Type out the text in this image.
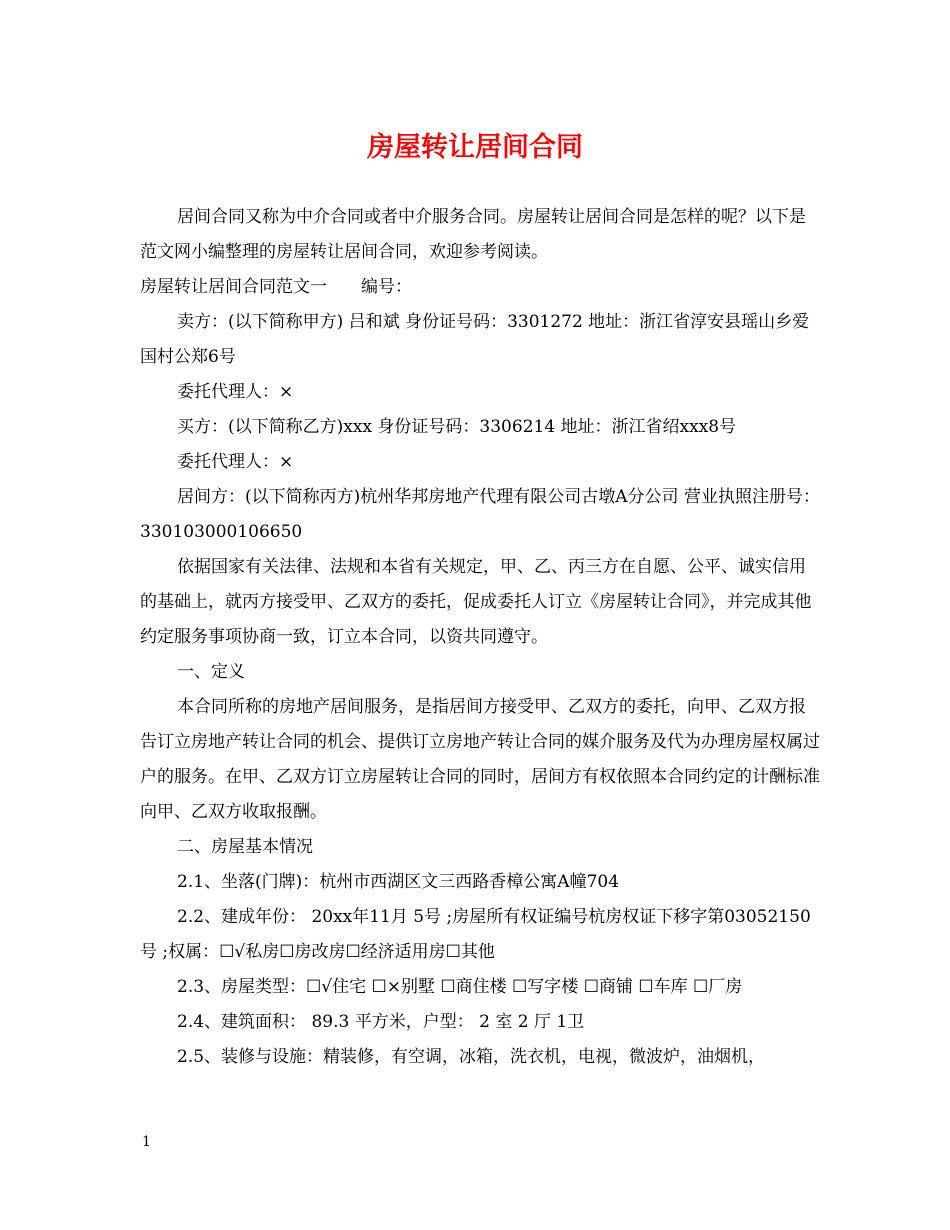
房屋转让居间合同

居间合同又称为中介合同或者中介服务合同。房屋转让居间合同是怎样的呢？以下是范文网小编整理的房屋转让居间合同，欢迎参考阅读。

房屋转让居间合同范文一　　编号：

卖方：(以下简称甲方) 吕和斌 身份证号码：3301272 地址：浙江省淳安县瑶山乡爱国村公郑6号

委托代理人：×

买方：(以下简称乙方)xxx 身份证号码：3306214 地址：浙江省绍xxx8号

委托代理人：×

居间方：(以下简称丙方)杭州华邦房地产代理有限公司古墩A分公司 营业执照注册号：330103000106650

依据国家有关法律、法规和本省有关规定，甲、乙、丙三方在自愿、公平、诚实信用的基础上，就丙方接受甲、乙双方的委托，促成委托人订立《房屋转让合同》，并完成其他约定服务事项协商一致，订立本合同，以资共同遵守。

一、定义

本合同所称的房地产居间服务，是指居间方接受甲、乙双方的委托，向甲、乙双方报告订立房地产转让合同的机会、提供订立房地产转让合同的媒介服务及代为办理房屋权属过户的服务。在甲、乙双方订立房屋转让合同的同时，居间方有权依照本合同约定的计酬标准向甲、乙双方收取报酬。

二、房屋基本情况

2.1、坐落(门牌)：杭州市西湖区文三西路香樟公寓A幢704

2.2、建成年份： 20xx年11月 5号 ;房屋所有权证编号杭房权证下移字第03052150号 ;权属：☐√私房☐房改房☐经济适用房☐其他

2.3、房屋类型：☐√住宅 ☐×别墅 ☐商住楼 ☐写字楼 ☐商铺 ☐车库 ☐厂房

2.4、建筑面积： 89.3 平方米，户型： 2 室 2 厅 1卫

2.5、装修与设施：精装修，有空调，冰箱，洗衣机，电视，微波炉，油烟机，

1
